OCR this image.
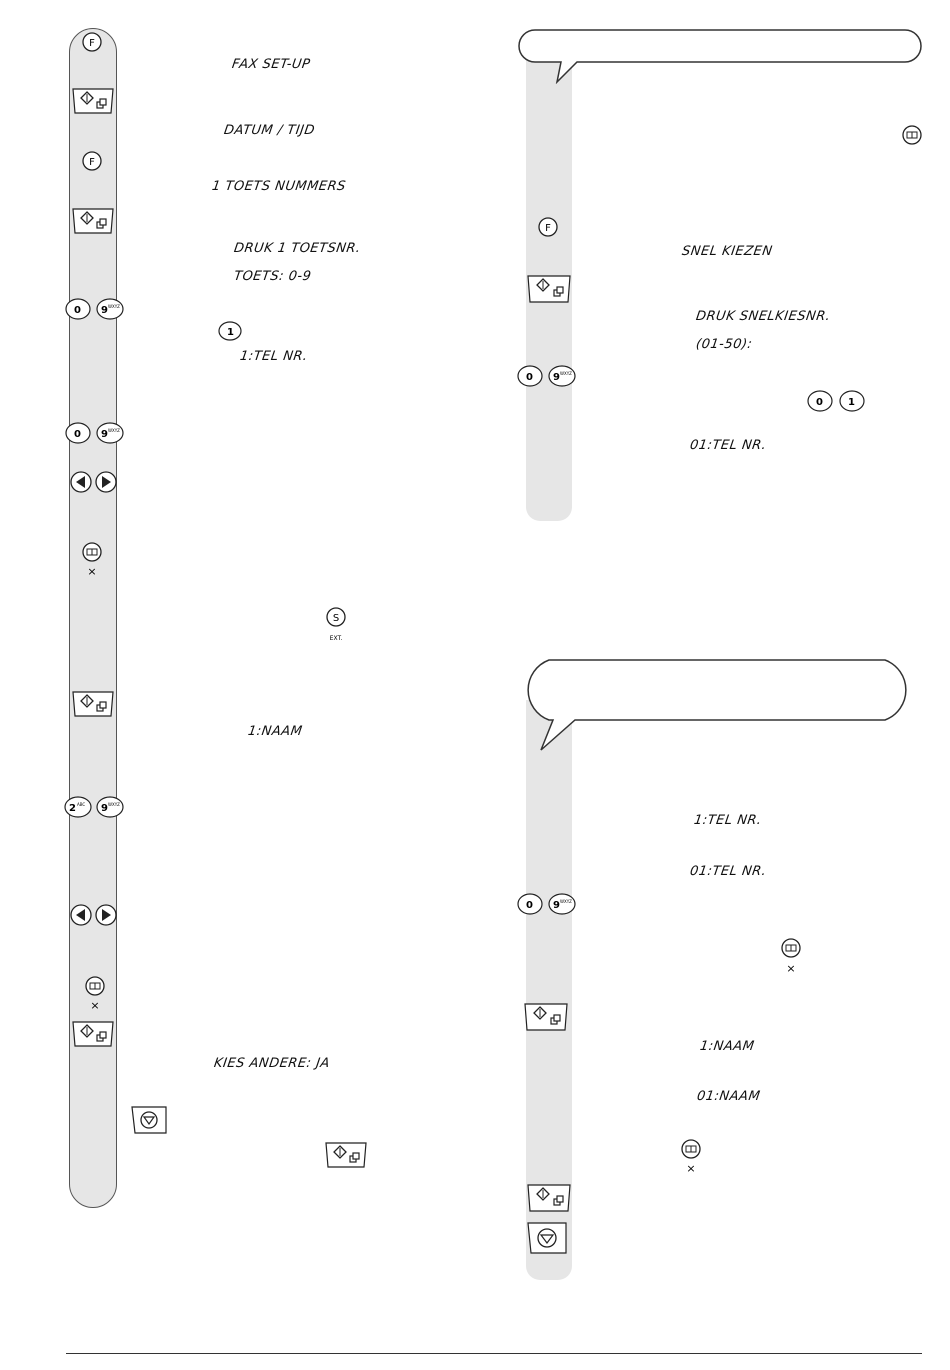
F
F
0 9 WXYZ
1
0 9 WXYZ
×
S
EXT.
2 ABC 9 WXYZ
×
FAX SET-UP
DATUM / TIJD
1 TOETS NUMMERS
DRUK 1 TOETSNR.
TOETS: 0-9
1:TEL NR.
1:NAAM
KIES ANDERE: JA
F
0 9 WXYZ
0	1
SNEL KIEZEN
DRUK SNELKIESNR.
(01-50):
01:TEL NR.
0 9 WXYZ
×
×
1:TEL NR.
01:TEL NR.
1:NAAM
01:NAAM
